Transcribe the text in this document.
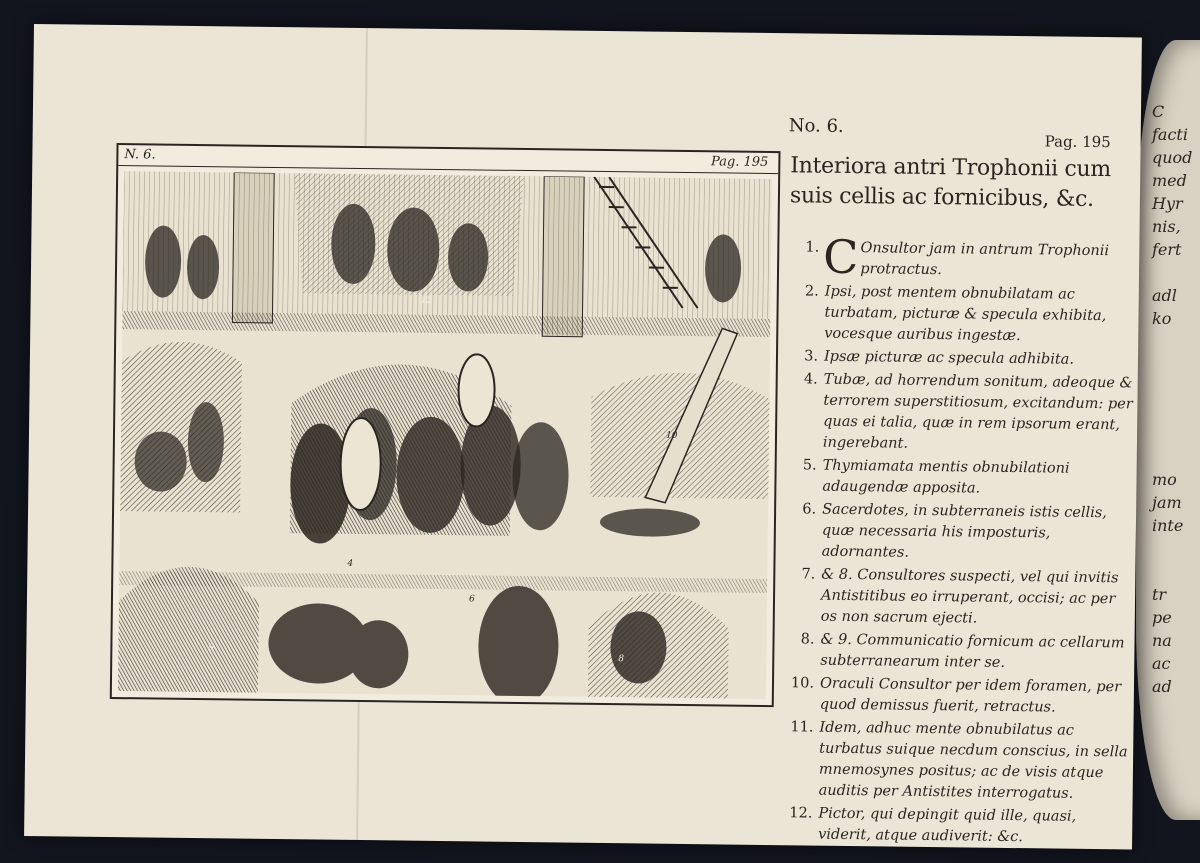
C
facti
quod
med
Hyr
nis,
fert

adl
ko

mo
jam
inte

tr
pe
na
ac
ad
N. 6.	Pag. 195
12
10
9
8
4
6
No. 6.
Pag. 195
Interiora antri Trophonii cum suis cellis ac fornicibus, &c.
1. C Onsultor jam in antrum Trophonii protractus.
2. Ipsi, post mentem obnubilatam ac turbatam, picturæ & specula exhibita, vocesque auribus ingestæ.
3. Ipsæ picturæ ac specula adhibita.
4. Tubæ, ad horrendum sonitum, adeoque & terrorem superstitiosum, excitandum: per quas ei talia, quæ in rem ipsorum erant, ingerebant.
5. Thymiamata mentis obnubilationi adaugendæ apposita.
6. Sacerdotes, in subterraneis istis cellis, quæ necessaria his imposturis, adornantes.
7. & 8. Consultores suspecti, vel qui invitis Antistitibus eo irruperant, occisi; ac per os non sacrum ejecti.
8. & 9. Communicatio fornicum ac cellarum subterranearum inter se.
10. Oraculi Consultor per idem foramen, per quod demissus fuerit, retractus.
11. Idem, adhuc mente obnubilatus ac turbatus suique necdum conscius, in sella mnemosynes positus; ac de visis atque auditis per Antistites interrogatus.
12. Pictor, qui depingit quid ille, quasi, viderit, atque audiverit: &c.
